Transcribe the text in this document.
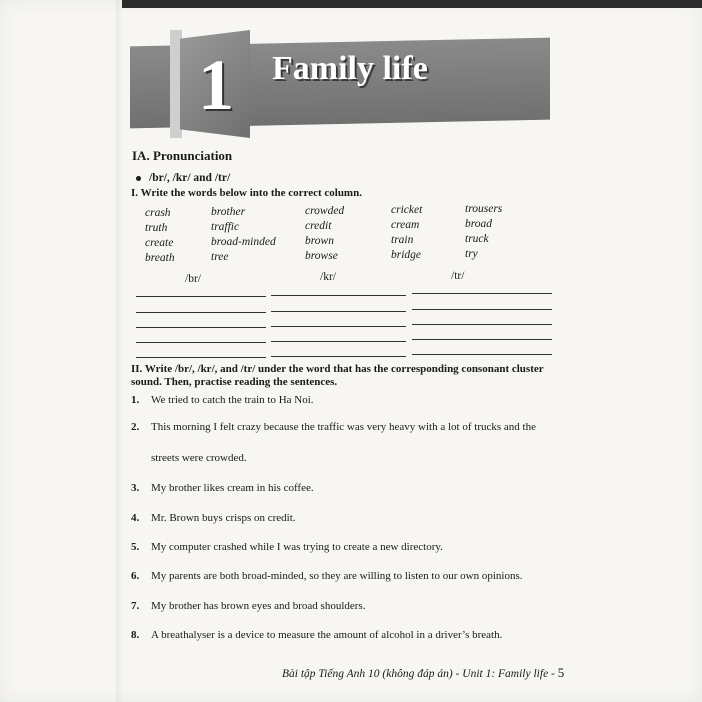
1	Family life
IA. Pronunciation
/br/, /kr/ and /tr/
I. Write the words below into the correct column.
crash	brother	crowded	cricket	trousers
truth	traffic	credit	cream	broad
create	broad-minded	brown	train	truck
breath	tree	browse	bridge	try
/br/	/kr/	/tr/
II. Write /br/, /kr/, and /tr/ under the word that has the corresponding consonant cluster sound. Then, practise reading the sentences.
1. We tried to catch the train to Ha Noi.
2. This morning I felt crazy because the traffic was very heavy with a lot of trucks and the
streets were crowded.
3. My brother likes cream in his coffee.
4. Mr. Brown buys crisps on credit.
5. My computer crashed while I was trying to create a new directory.
6. My parents are both broad-minded, so they are willing to listen to our own opinions.
7. My brother has brown eyes and broad shoulders.
8. A breathalyser is a device to measure the amount of alcohol in a driver’s breath.
Bài tập Tiếng Anh 10 (không đáp án) - Unit 1: Family life - 5
